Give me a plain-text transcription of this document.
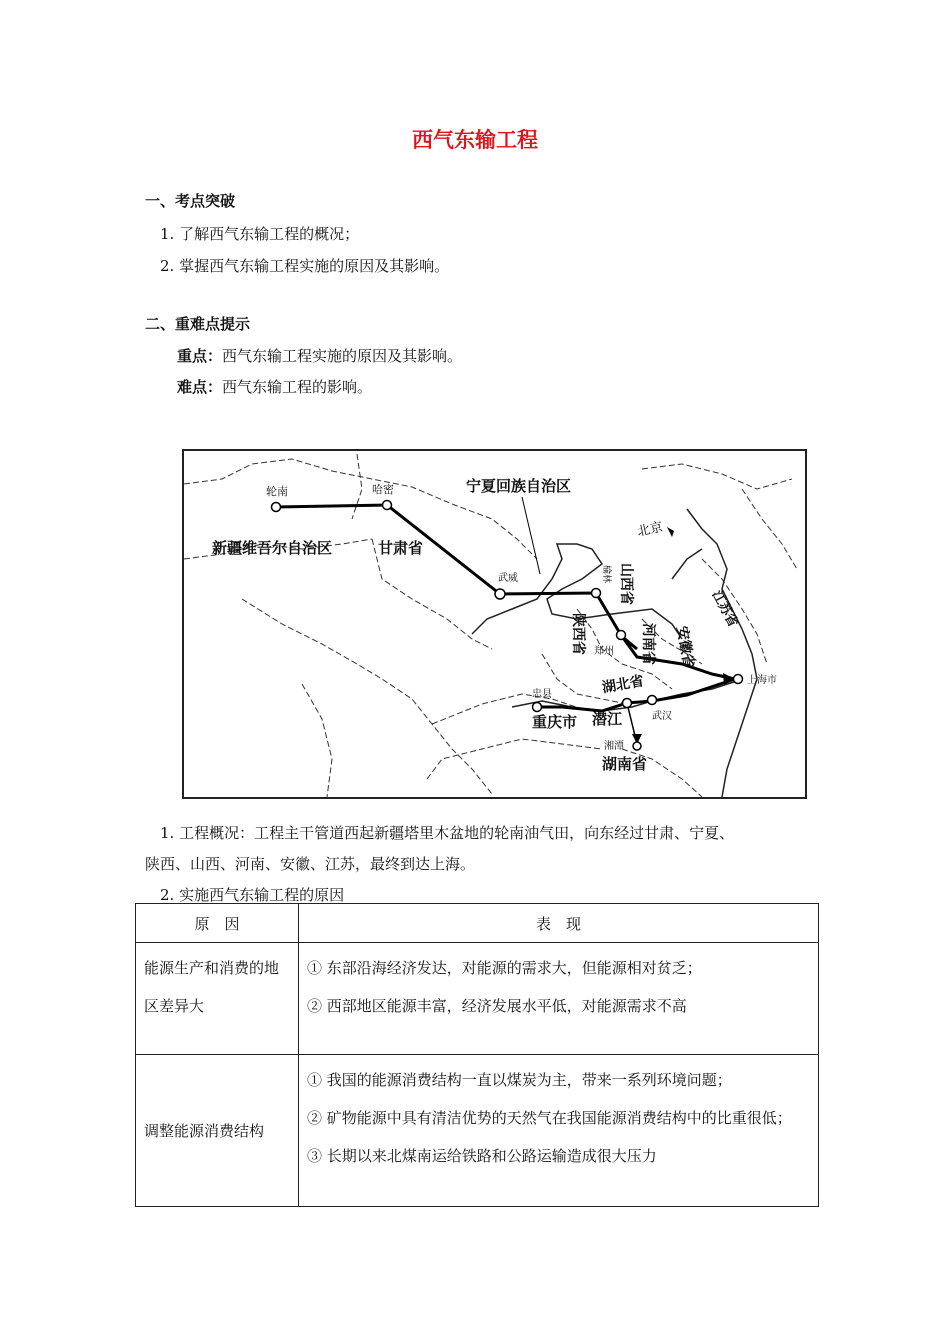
西气东输工程
一、考点突破
1. 了解西气东输工程的概况；
2. 掌握西气东输工程实施的原因及其影响。
二、重难点提示
重点：西气东输工程实施的原因及其影响。
难点：西气东输工程的影响。
轮南	哈密	宁夏回族自治区
新疆维吾尔自治区	甘肃省
武威
北京
榆林 山西省
陕西省 郑州 河南省 安徽省
江苏省
上海市
湖北省
忠县
重庆市 潜江	武汉
湘潭
湖南省
1. 工程概况：工程主干管道西起新疆塔里木盆地的轮南油气田，向东经过甘肃、宁夏、
陕西、山西、河南、安徽、江苏，最终到达上海。
2. 实施西气东输工程的原因
原　因	表　现
能源生产和消费的地区差异大	① 东部沿海经济发达，对能源的需求大，但能源相对贫乏；
② 西部地区能源丰富，经济发展水平低，对能源需求不高

调整能源消费结构	① 我国的能源消费结构一直以煤炭为主，带来一系列环境问题；
② 矿物能源中具有清洁优势的天然气在我国能源消费结构中的比重很低；
③ 长期以来北煤南运给铁路和公路运输造成很大压力
